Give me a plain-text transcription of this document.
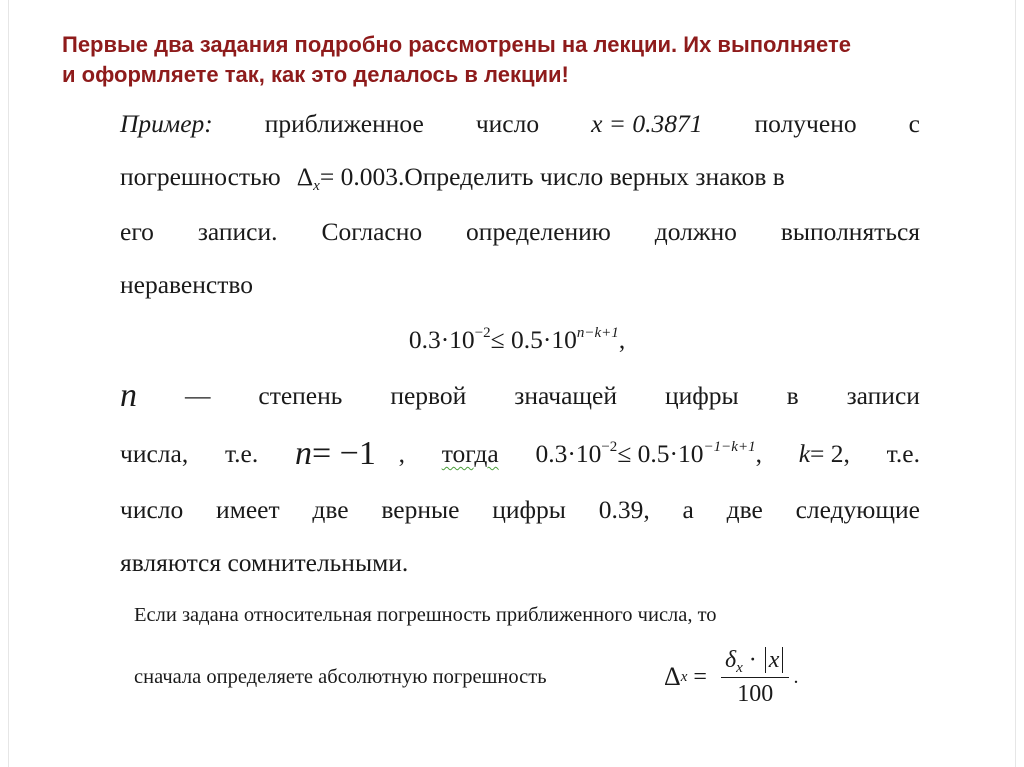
Первые два задания подробно рассмотрены на лекции. Их выполняете
и оформляете так, как это делалось в лекции!
Пример: приближенное число x = 0.3871 получено с
погрешностью $\Delta_x= 0.003$. Определить число верных знаков в
его записи. Согласно определению должно выполняться
неравенство
$0.3\cdot 10^{-2}\le 0.5\cdot 10^{n-k+1}$,
n — степень первой значащей цифры в записи
числа, т.е. n= −1 , тогда $0.3\cdot 10^{-2}\le 0.5\cdot 10^{-1-k+1}$, k= 2, т.е.
число имеет две верные цифры 0.39, а две следующие
являются сомнительными.
Если задана относительная погрешность приближенного числа, то
сначала определяете абсолютную погрешность	Δ $x = \frac{\delta_x \cdot x}{100}$ .
